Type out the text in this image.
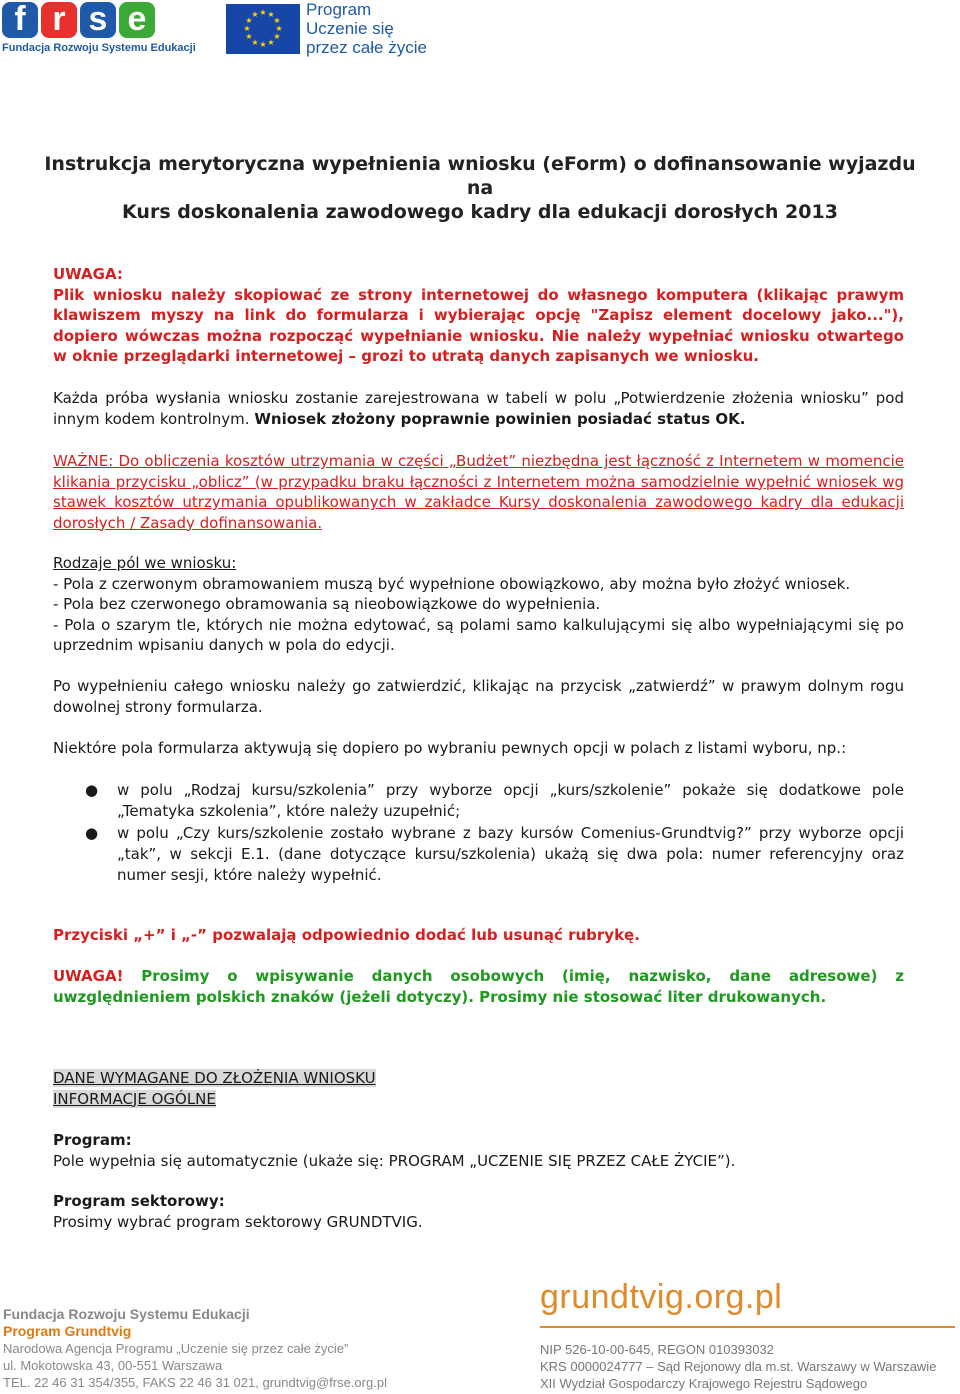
f r s e
Fundacja Rozwoju Systemu Edukacji
★ ★
★
★
★
★
★
★
★
★
★
★	Program
Uczenie się
przez całe życie
Instrukcja merytoryczna wypełnienia wniosku (eForm) o dofinansowanie wyjazdu na
Kurs doskonalenia zawodowego kadry dla edukacji dorosłych 2013
UWAGA:
Plik wniosku należy skopiować ze strony internetowej do własnego komputera (klikając prawym klawiszem myszy na link do formularza i wybierając opcję "Zapisz element docelowy jako..."), dopiero wówczas można rozpocząć wypełnianie wniosku. Nie należy wypełniać wniosku otwartego w oknie przeglądarki internetowej – grozi to utratą danych zapisanych we wniosku.
Każda próba wysłania wniosku zostanie zarejestrowana w tabeli w polu „Potwierdzenie złożenia wniosku” pod innym kodem kontrolnym. Wniosek złożony poprawnie powinien posiadać status OK.
WAŻNE: Do obliczenia kosztów utrzymania w części „Budżet” niezbędna jest łączność z Internetem w momencie klikania przycisku „oblicz” (w przypadku braku łączności z Internetem można samodzielnie wypełnić wniosek wg stawek kosztów utrzymania opublikowanych w zakładce Kursy doskonalenia zawodowego kadry dla edukacji dorosłych / Zasady dofinansowania.
Rodzaje pól we wniosku:
- Pola z czerwonym obramowaniem muszą być wypełnione obowiązkowo, aby można było złożyć wniosek.
- Pola bez czerwonego obramowania są nieobowiązkowe do wypełnienia.
- Pola o szarym tle, których nie można edytować, są polami samo kalkulującymi się albo wypełniającymi się po uprzednim wpisaniu danych w pola do edycji.
Po wypełnieniu całego wniosku należy go zatwierdzić, klikając na przycisk „zatwierdź” w prawym dolnym rogu dowolnej strony formularza.
Niektóre pola formularza aktywują się dopiero po wybraniu pewnych opcji w polach z listami wyboru, np.:
● w polu „Rodzaj kursu/szkolenia” przy wyborze opcji „kurs/szkolenie” pokaże się dodatkowe pole „Tematyka szkolenia”, które należy uzupełnić;
● w polu „Czy kurs/szkolenie zostało wybrane z bazy kursów Comenius-Grundtvig?” przy wyborze opcji „tak”, w sekcji E.1. (dane dotyczące kursu/szkolenia) ukażą się dwa pola: numer referencyjny oraz numer sesji, które należy wypełnić.
Przyciski „+” i „-” pozwalają odpowiednio dodać lub usunąć rubrykę.
UWAGA! Prosimy o wpisywanie danych osobowych (imię, nazwisko, dane adresowe) z uwzględnieniem polskich znaków (jeżeli dotyczy). Prosimy nie stosować liter drukowanych.
DANE WYMAGANE DO ZŁOŻENIA WNIOSKU
INFORMACJE OGÓLNE
Program:
Pole wypełnia się automatycznie (ukaże się: PROGRAM „UCZENIE SIĘ PRZEZ CAŁE ŻYCIE”).
Program sektorowy:
Prosimy wybrać program sektorowy GRUNDTVIG.
Fundacja Rozwoju Systemu Edukacji
Program Grundtvig
Narodowa Agencja Programu „Uczenie się przez całe życie”
ul. Mokotowska 43, 00-551 Warszawa
TEL. 22 46 31 354/355, FAKS 22 46 31 021, grundtvig@frse.org.pl
grundtvig.org.pl
NIP 526-10-00-645, REGON 010393032
KRS 0000024777 – Sąd Rejonowy dla m.st. Warszawy w Warszawie
XII Wydział Gospodarczy Krajowego Rejestru Sądowego
